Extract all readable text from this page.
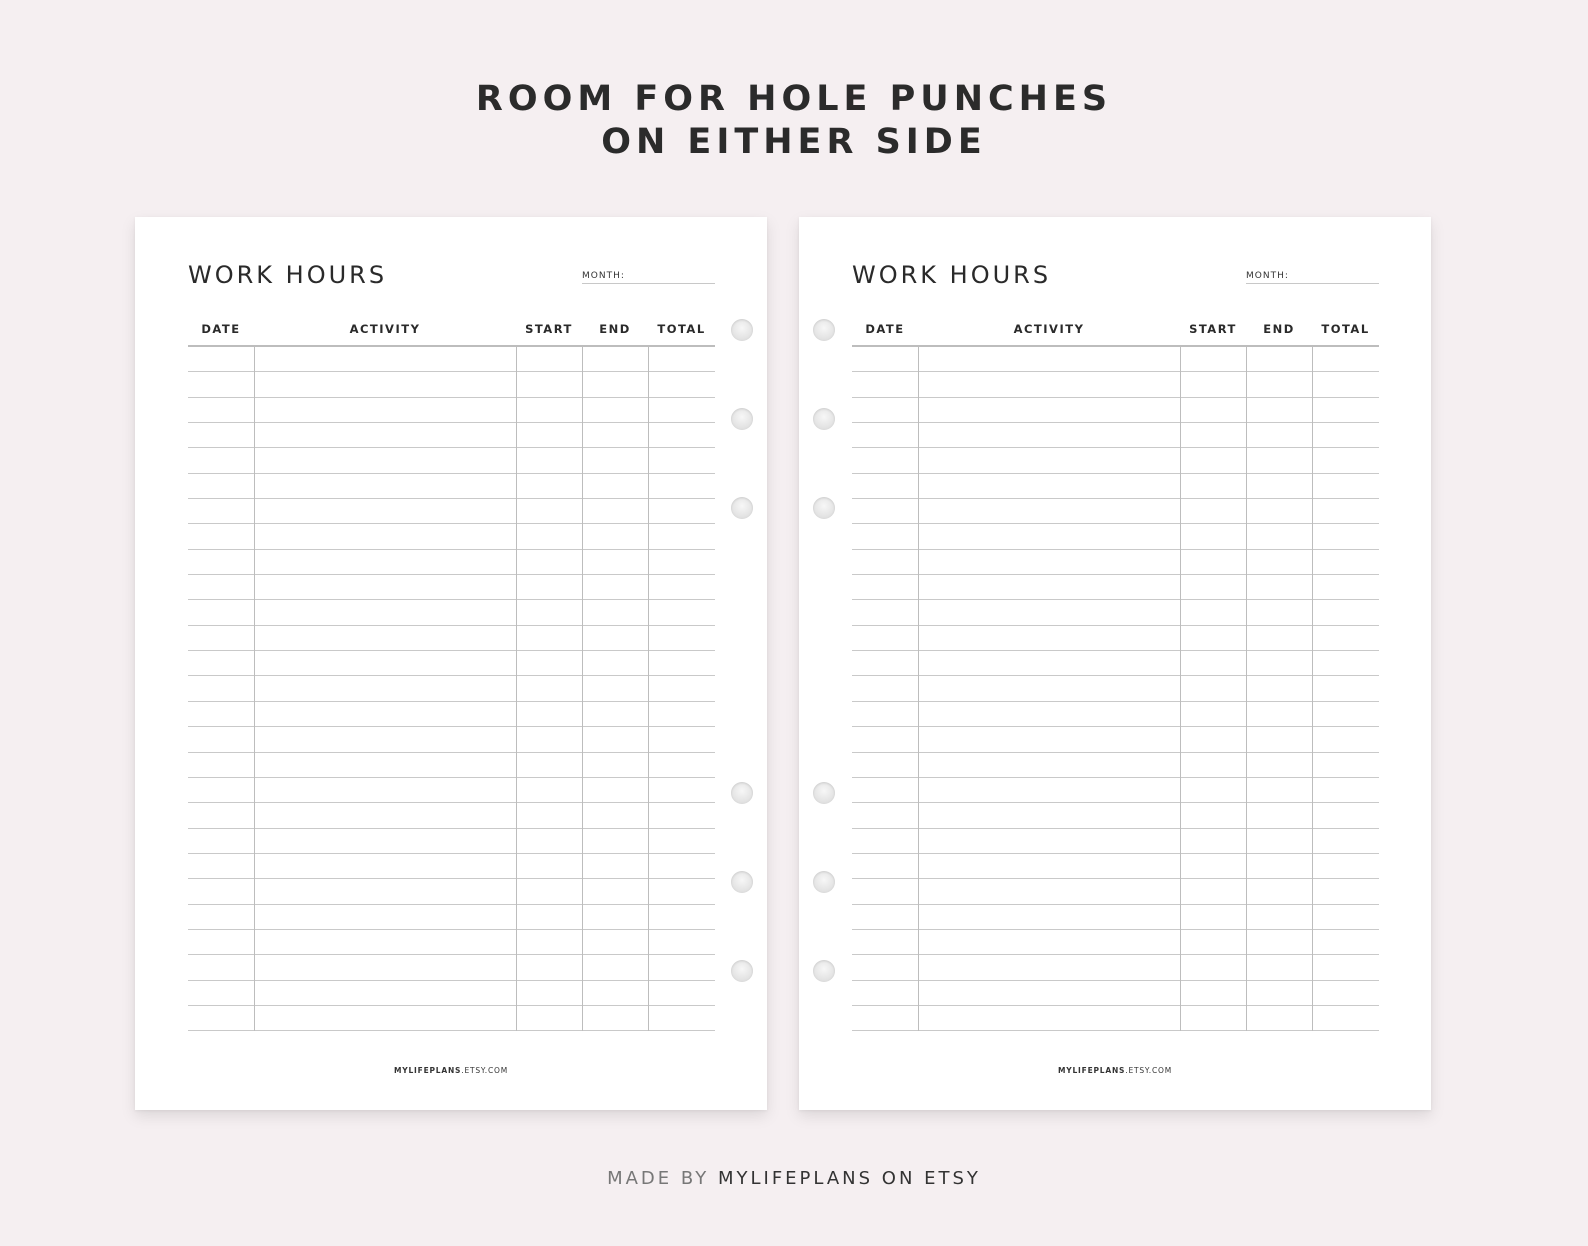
ROOM FOR HOLE PUNCHES
ON EITHER SIDE
WORK HOURS	MONTH:
DATE	ACTIVITY	START	END	TOTAL
MYLIFEPLANS.ETSY.COM
WORK HOURS	MONTH:
DATE	ACTIVITY	START	END	TOTAL
MYLIFEPLANS.ETSY.COM
MADE BY MYLIFEPLANS ON ETSY
